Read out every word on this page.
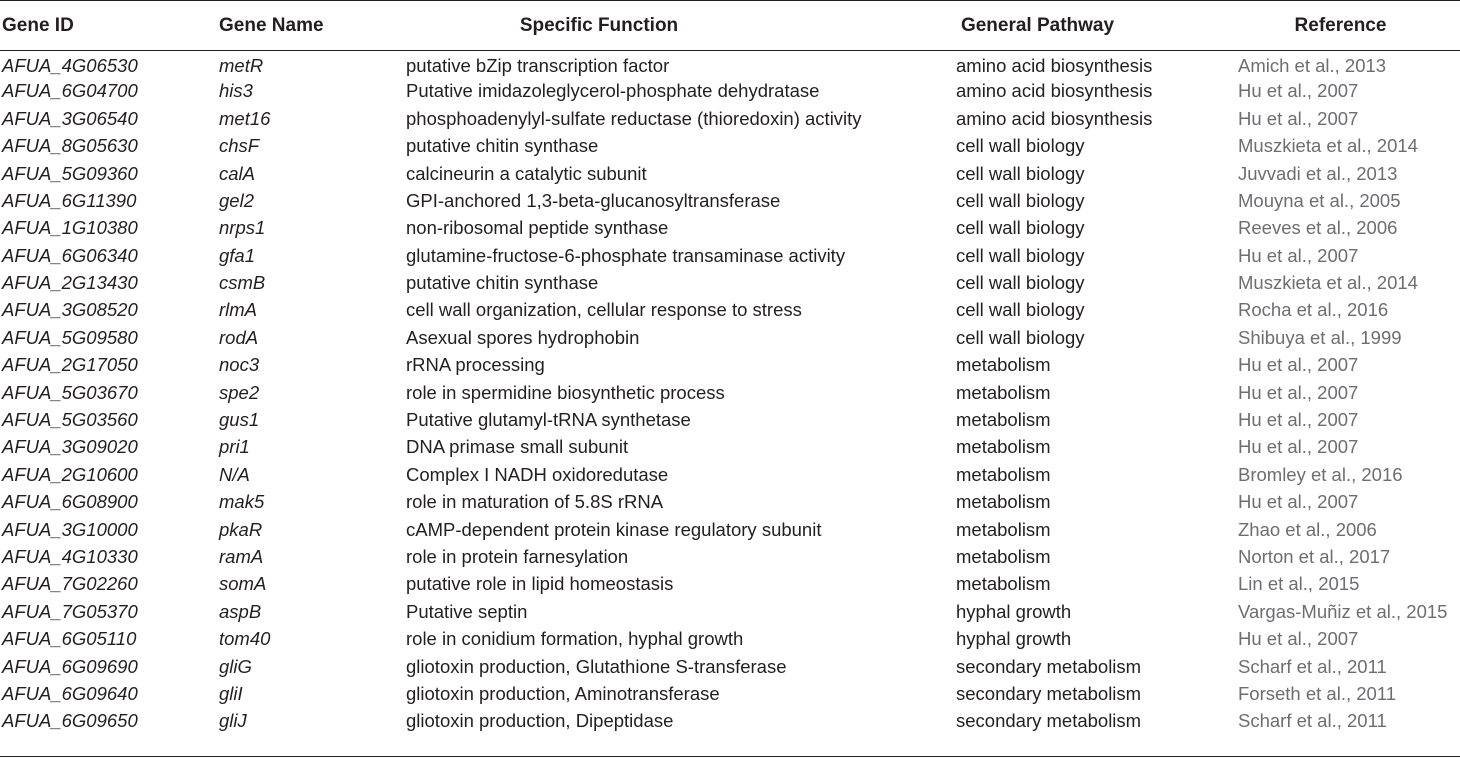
Gene ID	Gene Name	Specific Function	General Pathway	Reference
AFUA_4G06530	metR	putative bZip transcription factor	amino acid biosynthesis	Amich et al., 2013
AFUA_6G04700	his3	Putative imidazoleglycerol-phosphate dehydratase	amino acid biosynthesis	Hu et al., 2007
AFUA_3G06540	met16	phosphoadenylyl-sulfate reductase (thioredoxin) activity	amino acid biosynthesis	Hu et al., 2007
AFUA_8G05630	chsF	putative chitin synthase	cell wall biology	Muszkieta et al., 2014
AFUA_5G09360	calA	calcineurin a catalytic subunit	cell wall biology	Juvvadi et al., 2013
AFUA_6G11390	gel2	GPI-anchored 1,3-beta-glucanosyltransferase	cell wall biology	Mouyna et al., 2005
AFUA_1G10380	nrps1	non-ribosomal peptide synthase	cell wall biology	Reeves et al., 2006
AFUA_6G06340	gfa1	glutamine-fructose-6-phosphate transaminase activity	cell wall biology	Hu et al., 2007
AFUA_2G13430	csmB	putative chitin synthase	cell wall biology	Muszkieta et al., 2014
AFUA_3G08520	rlmA	cell wall organization, cellular response to stress	cell wall biology	Rocha et al., 2016
AFUA_5G09580	rodA	Asexual spores hydrophobin	cell wall biology	Shibuya et al., 1999
AFUA_2G17050	noc3	rRNA processing	metabolism	Hu et al., 2007
AFUA_5G03670	spe2	role in spermidine biosynthetic process	metabolism	Hu et al., 2007
AFUA_5G03560	gus1	Putative glutamyl-tRNA synthetase	metabolism	Hu et al., 2007
AFUA_3G09020	pri1	DNA primase small subunit	metabolism	Hu et al., 2007
AFUA_2G10600	N/A	Complex I NADH oxidoredutase	metabolism	Bromley et al., 2016
AFUA_6G08900	mak5	role in maturation of 5.8S rRNA	metabolism	Hu et al., 2007
AFUA_3G10000	pkaR	cAMP-dependent protein kinase regulatory subunit	metabolism	Zhao et al., 2006
AFUA_4G10330	ramA	role in protein farnesylation	metabolism	Norton et al., 2017
AFUA_7G02260	somA	putative role in lipid homeostasis	metabolism	Lin et al., 2015
AFUA_7G05370	aspB	Putative septin	hyphal growth	Vargas-Muñiz et al., 2015
AFUA_6G05110	tom40	role in conidium formation, hyphal growth	hyphal growth	Hu et al., 2007
AFUA_6G09690	gliG	gliotoxin production, Glutathione S-transferase	secondary metabolism	Scharf et al., 2011
AFUA_6G09640	gliI	gliotoxin production, Aminotransferase	secondary metabolism	Forseth et al., 2011
AFUA_6G09650	gliJ	gliotoxin production, Dipeptidase	secondary metabolism	Scharf et al., 2011
